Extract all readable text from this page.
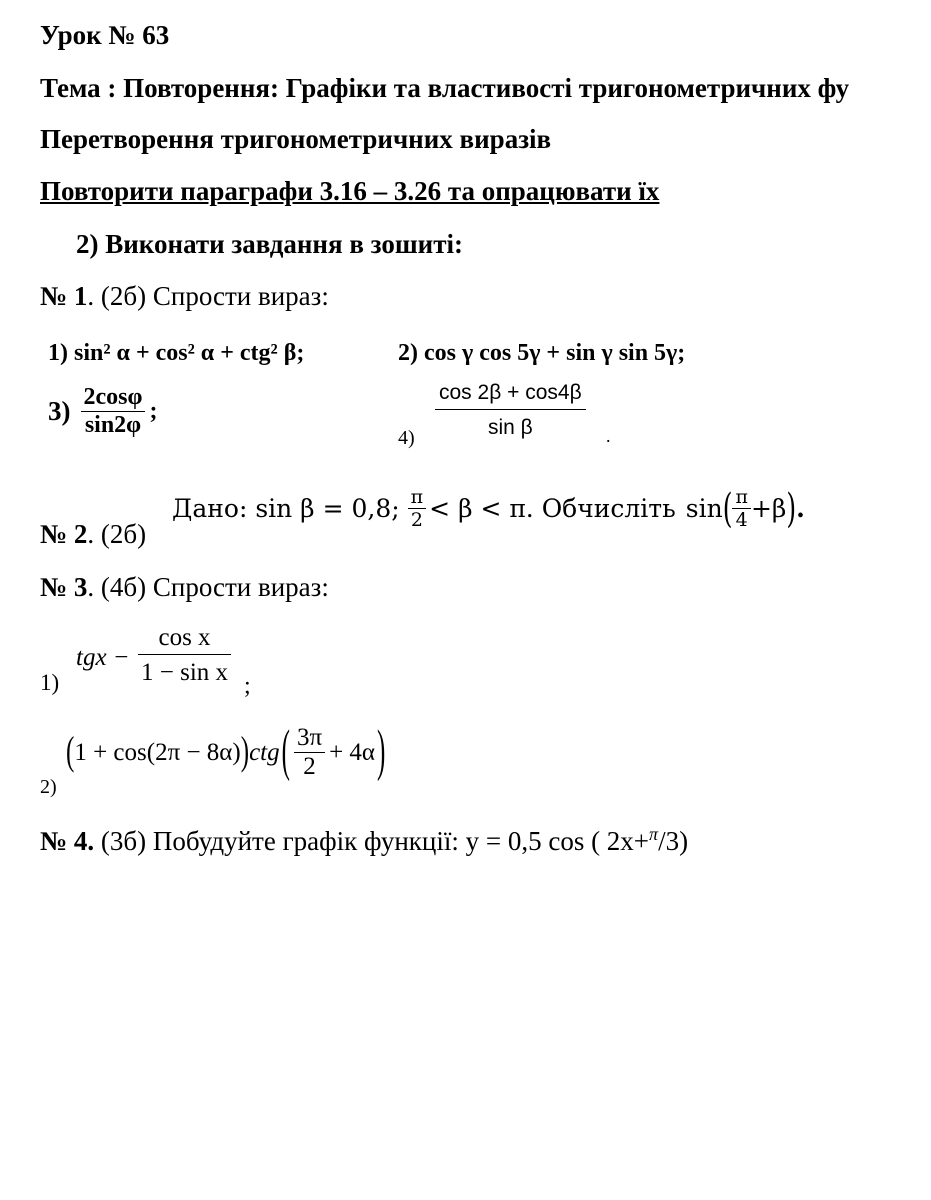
Урок № 63
Тема : Повторення: Графіки та властивості тригонометричних фу
Перетворення тригонометричних виразів
Повторити параграфи 3.16 – 3.26 та опрацювати їх
2) Виконати завдання в зошиті:
№ 1. (2б) Спрости вираз:
1) sin² α + cos² α + ctg² β;	2) cos γ cos 5γ + sin γ sin 5γ;
$3) \frac{2\cos\varphi}{\sin 2\varphi}$ ;
$4) \frac{\cos 2\beta + \cos 4\beta}{\text{sin β}}$ .
№ 2. (2б)
Дано: sin β = 0,8; $\frac{\pi}{2} < \beta < \pi$ . Обчисліть sin ( $\frac{\pi}{4} +\beta$ ) .
№ 3. (4б) Спрости вираз:
1)
tgx − $\frac{\text{cos x}}{\text{1 − sin x}}$ ;
2)
( 1 + cos(2π − 8α) ) ctg ( $\frac{3\pi}{2} + 4\alpha$ )
№ 4. (3б) Побудуйте графік функції: у = 0,5 cos ( 2х+$^\pi$/3)
